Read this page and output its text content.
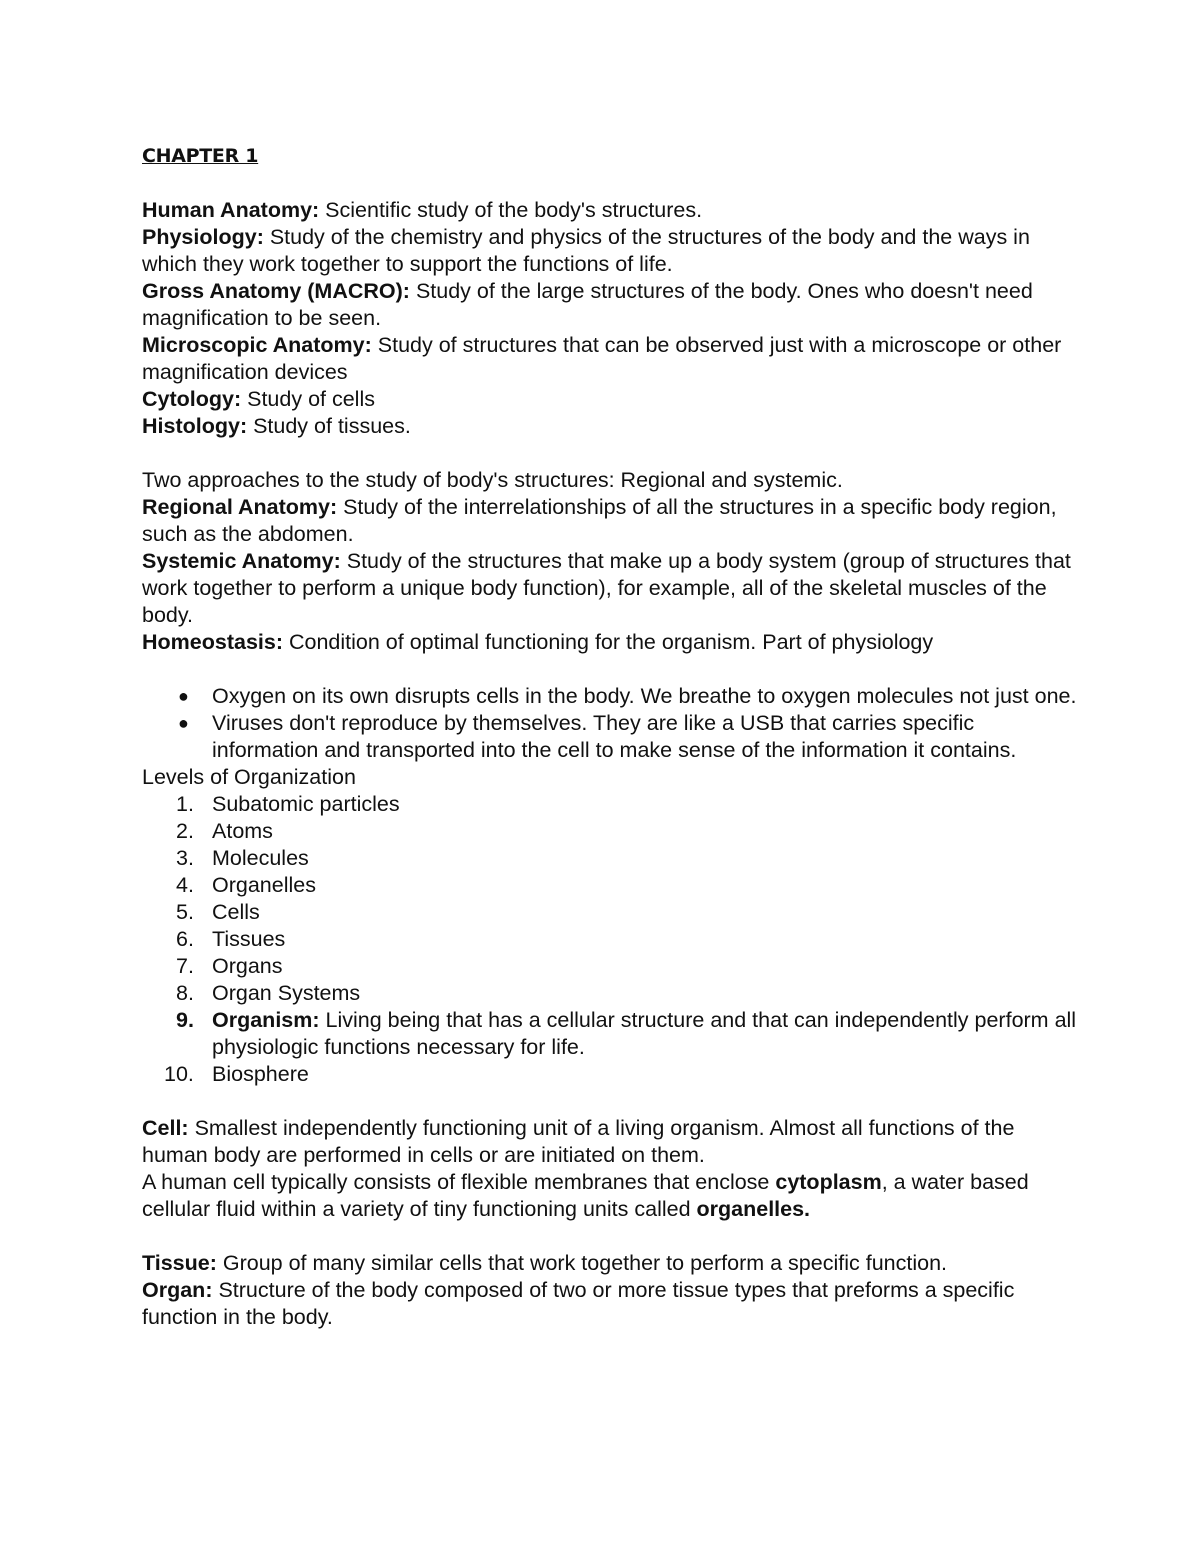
CHAPTER 1

Human Anatomy: Scientific study of the body's structures.

Physiology: Study of the chemistry and physics of the structures of the body and the ways in which they work together to support the functions of life.

Gross Anatomy (MACRO): Study of the large structures of the body. Ones who doesn't need magnification to be seen.

Microscopic Anatomy: Study of structures that can be observed just with a microscope or other magnification devices

Cytology: Study of cells

Histology: Study of tissues.

Two approaches to the study of body's structures: Regional and systemic.

Regional Anatomy: Study of the interrelationships of all the structures in a specific body region, such as the abdomen.

Systemic Anatomy: Study of the structures that make up a body system (group of structures that work together to perform a unique body function), for example, all of the skeletal muscles of the body.

Homeostasis: Condition of optimal functioning for the organism. Part of physiology

● Oxygen on its own disrupts cells in the body. We breathe to oxygen molecules not just one.
● Viruses don't reproduce by themselves. They are like a USB that carries specific information and transported into the cell to make sense of the information it contains.

Levels of Organization

1. Subatomic particles
2. Atoms
3. Molecules
4. Organelles
5. Cells
6. Tissues
7. Organs
8. Organ Systems
9. Organism: Living being that has a cellular structure and that can independently perform all physiologic functions necessary for life.
10. Biosphere

Cell: Smallest independently functioning unit of a living organism. Almost all functions of the human body are performed in cells or are initiated on them.

A human cell typically consists of flexible membranes that enclose cytoplasm, a water based cellular fluid within a variety of tiny functioning units called organelles.

Tissue: Group of many similar cells that work together to perform a specific function.

Organ: Structure of the body composed of two or more tissue types that preforms a specific function in the body.
